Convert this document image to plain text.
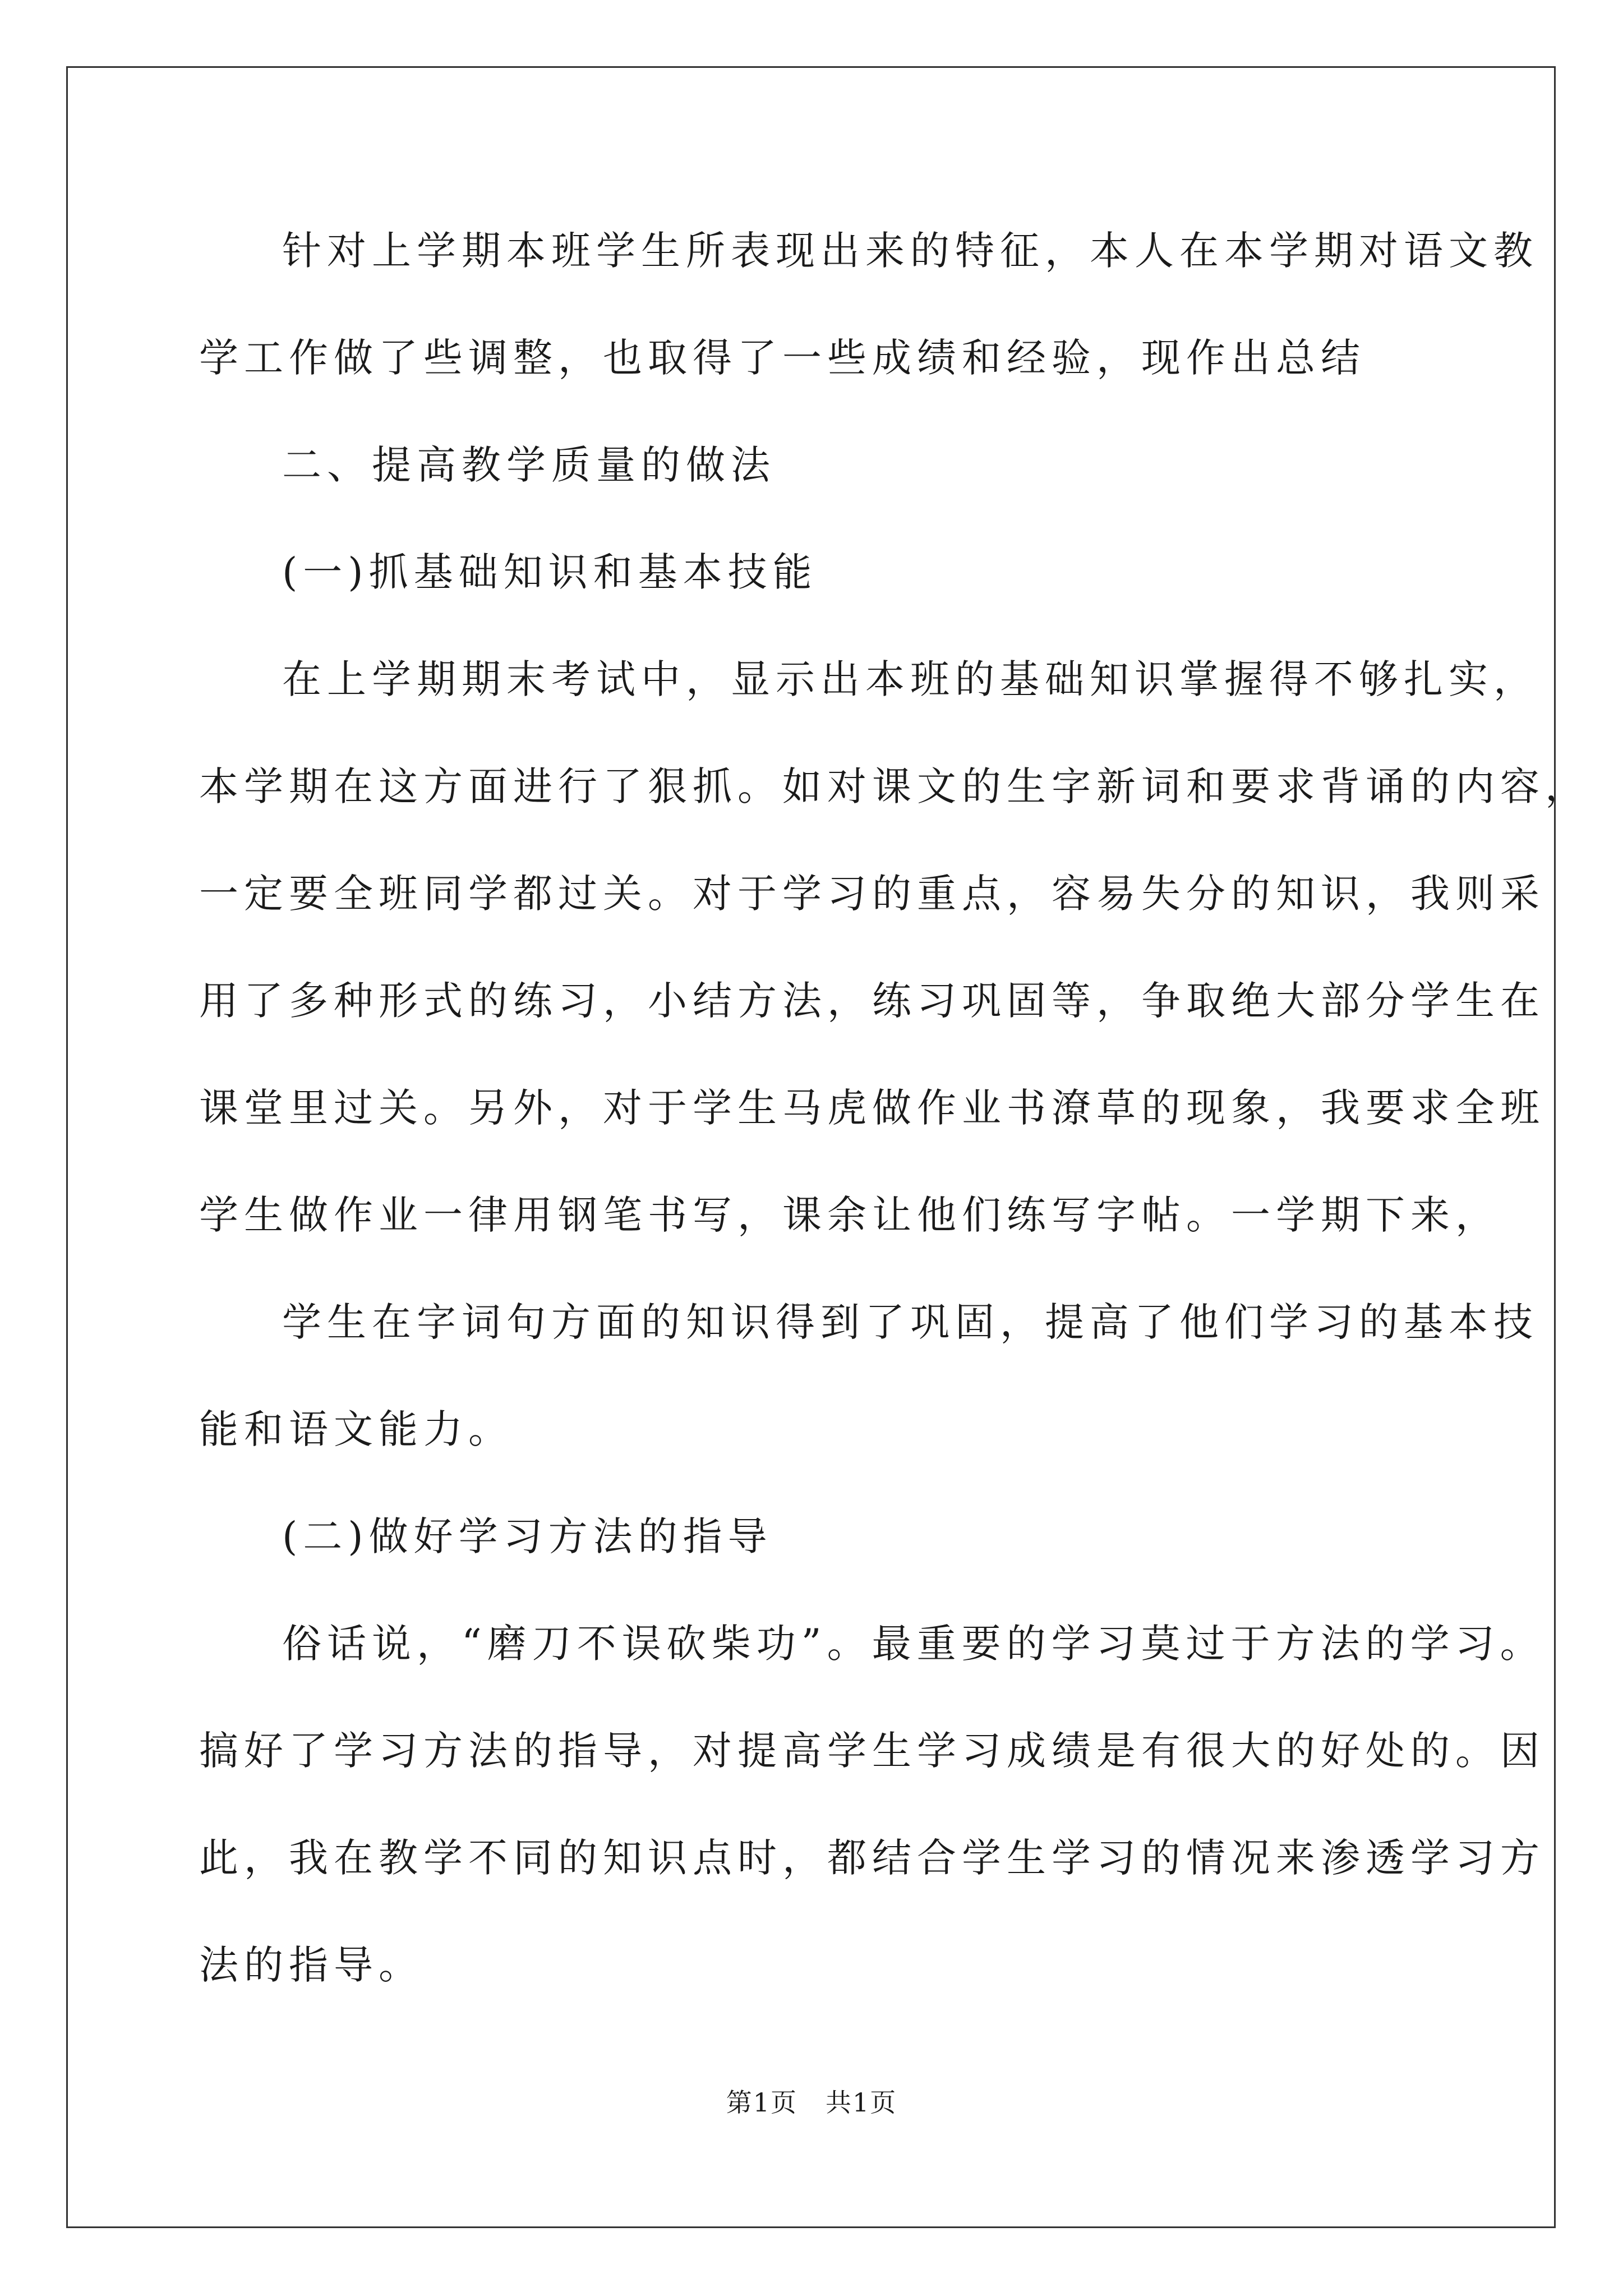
针对上学期本班学生所表现出来的特征，本人在本学期对语文教
学工作做了些调整，也取得了一些成绩和经验，现作出总结
二、提高教学质量的做法
(一)抓基础知识和基本技能
在上学期期末考试中，显示出本班的基础知识掌握得不够扎实，
本学期在这方面进行了狠抓。如对课文的生字新词和要求背诵的内容，
一定要全班同学都过关。对于学习的重点，容易失分的知识，我则采
用了多种形式的练习，小结方法，练习巩固等，争取绝大部分学生在
课堂里过关。另外，对于学生马虎做作业书潦草的现象，我要求全班
学生做作业一律用钢笔书写，课余让他们练写字帖。一学期下来，
学生在字词句方面的知识得到了巩固，提高了他们学习的基本技
能和语文能力。
(二)做好学习方法的指导
俗话说，“磨刀不误砍柴功”。最重要的学习莫过于方法的学习。
搞好了学习方法的指导，对提高学生学习成绩是有很大的好处的。因
此，我在教学不同的知识点时，都结合学生学习的情况来渗透学习方
法的指导。
第1页 共1页
